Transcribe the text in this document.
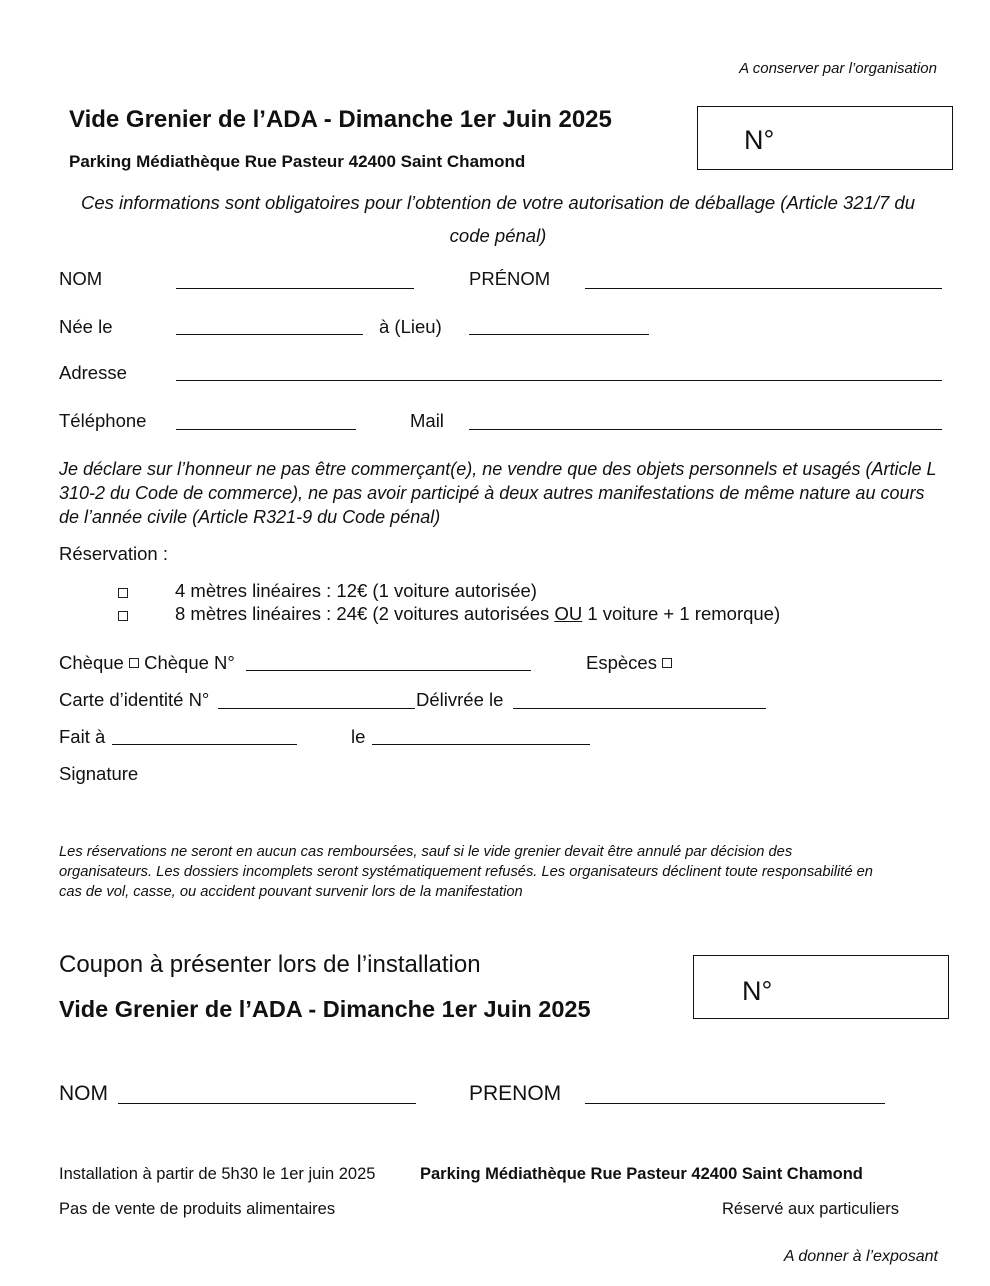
A conserver par l’organisation
Vide Grenier de l’ADA - Dimanche 1er Juin 2025
N°
Parking Médiathèque Rue Pasteur 42400 Saint Chamond
Ces informations sont obligatoires pour l’obtention de votre autorisation de déballage (Article 321/7 du code pénal)
NOM	PRÉNOM
Née le	à (Lieu)
Adresse
Téléphone	Mail
Je déclare sur l’honneur ne pas être commerçant(e), ne vendre que des objets personnels et usagés (Article L 310-2 du Code de commerce), ne pas avoir participé à deux autres manifestations de même nature au cours de l’année civile (Article R321-9 du Code pénal)
Réservation :
4 mètres linéaires : 12€ (1 voiture autorisée)
8 mètres linéaires : 24€ (2 voitures autorisées OU 1 voiture + 1 remorque)
Chèque Chèque N°	Espèces
Carte d’identité N°	Délivrée le
Fait à	le
Signature
Les réservations ne seront en aucun cas remboursées, sauf si le vide grenier devait être annulé par décision des organisateurs. Les dossiers incomplets seront systématiquement refusés. Les organisateurs déclinent toute responsabilité en cas de vol, casse, ou accident pouvant survenir lors de la manifestation
Coupon à présenter lors de l’installation
Vide Grenier de l’ADA - Dimanche 1er Juin 2025
N°
NOM	PRENOM
Installation à partir de 5h30 le 1er juin 2025	Parking Médiathèque Rue Pasteur 42400 Saint Chamond
Pas de vente de produits alimentaires	Réservé aux particuliers
A donner à l’exposant
